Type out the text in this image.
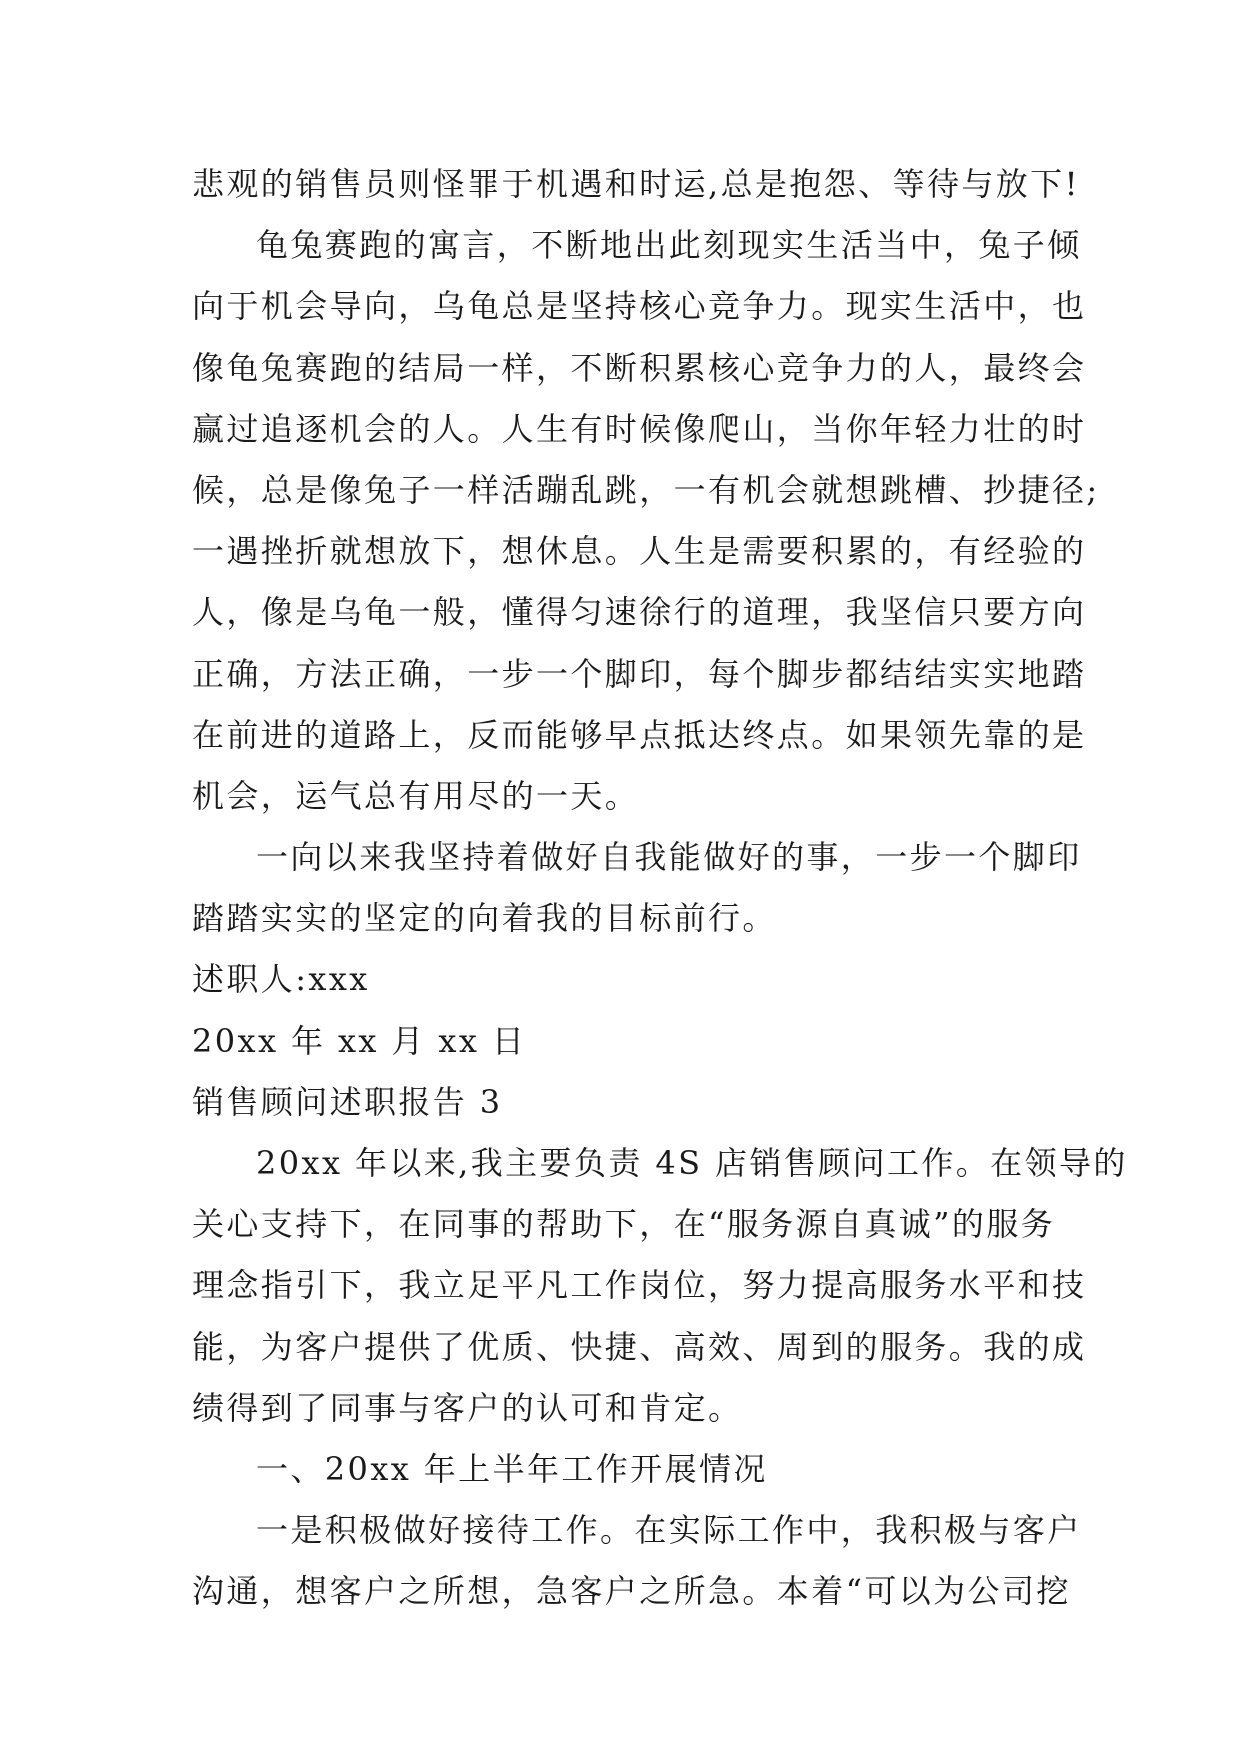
悲观的销售员则怪罪于机遇和时运,总是抱怨、等待与放下!
龟兔赛跑的寓言，不断地出此刻现实生活当中，兔子倾
向于机会导向，乌龟总是坚持核心竞争力。现实生活中，也
像龟兔赛跑的结局一样，不断积累核心竞争力的人，最终会
赢过追逐机会的人。人生有时候像爬山，当你年轻力壮的时
候，总是像兔子一样活蹦乱跳，一有机会就想跳槽、抄捷径;
一遇挫折就想放下，想休息。人生是需要积累的，有经验的
人，像是乌龟一般，懂得匀速徐行的道理，我坚信只要方向
正确，方法正确，一步一个脚印，每个脚步都结结实实地踏
在前进的道路上，反而能够早点抵达终点。如果领先靠的是
机会，运气总有用尽的一天。
一向以来我坚持着做好自我能做好的事，一步一个脚印
踏踏实实的坚定的向着我的目标前行。
述职人:xxx
20xx 年 xx 月 xx 日
销售顾问述职报告 3
20xx 年以来,我主要负责 4S 店销售顾问工作。在领导的
关心支持下，在同事的帮助下，在“服务源自真诚”的服务
理念指引下，我立足平凡工作岗位，努力提高服务水平和技
能，为客户提供了优质、快捷、高效、周到的服务。我的成
绩得到了同事与客户的认可和肯定。
一、20xx 年上半年工作开展情况
一是积极做好接待工作。在实际工作中，我积极与客户
沟通，想客户之所想，急客户之所急。本着“可以为公司挖
